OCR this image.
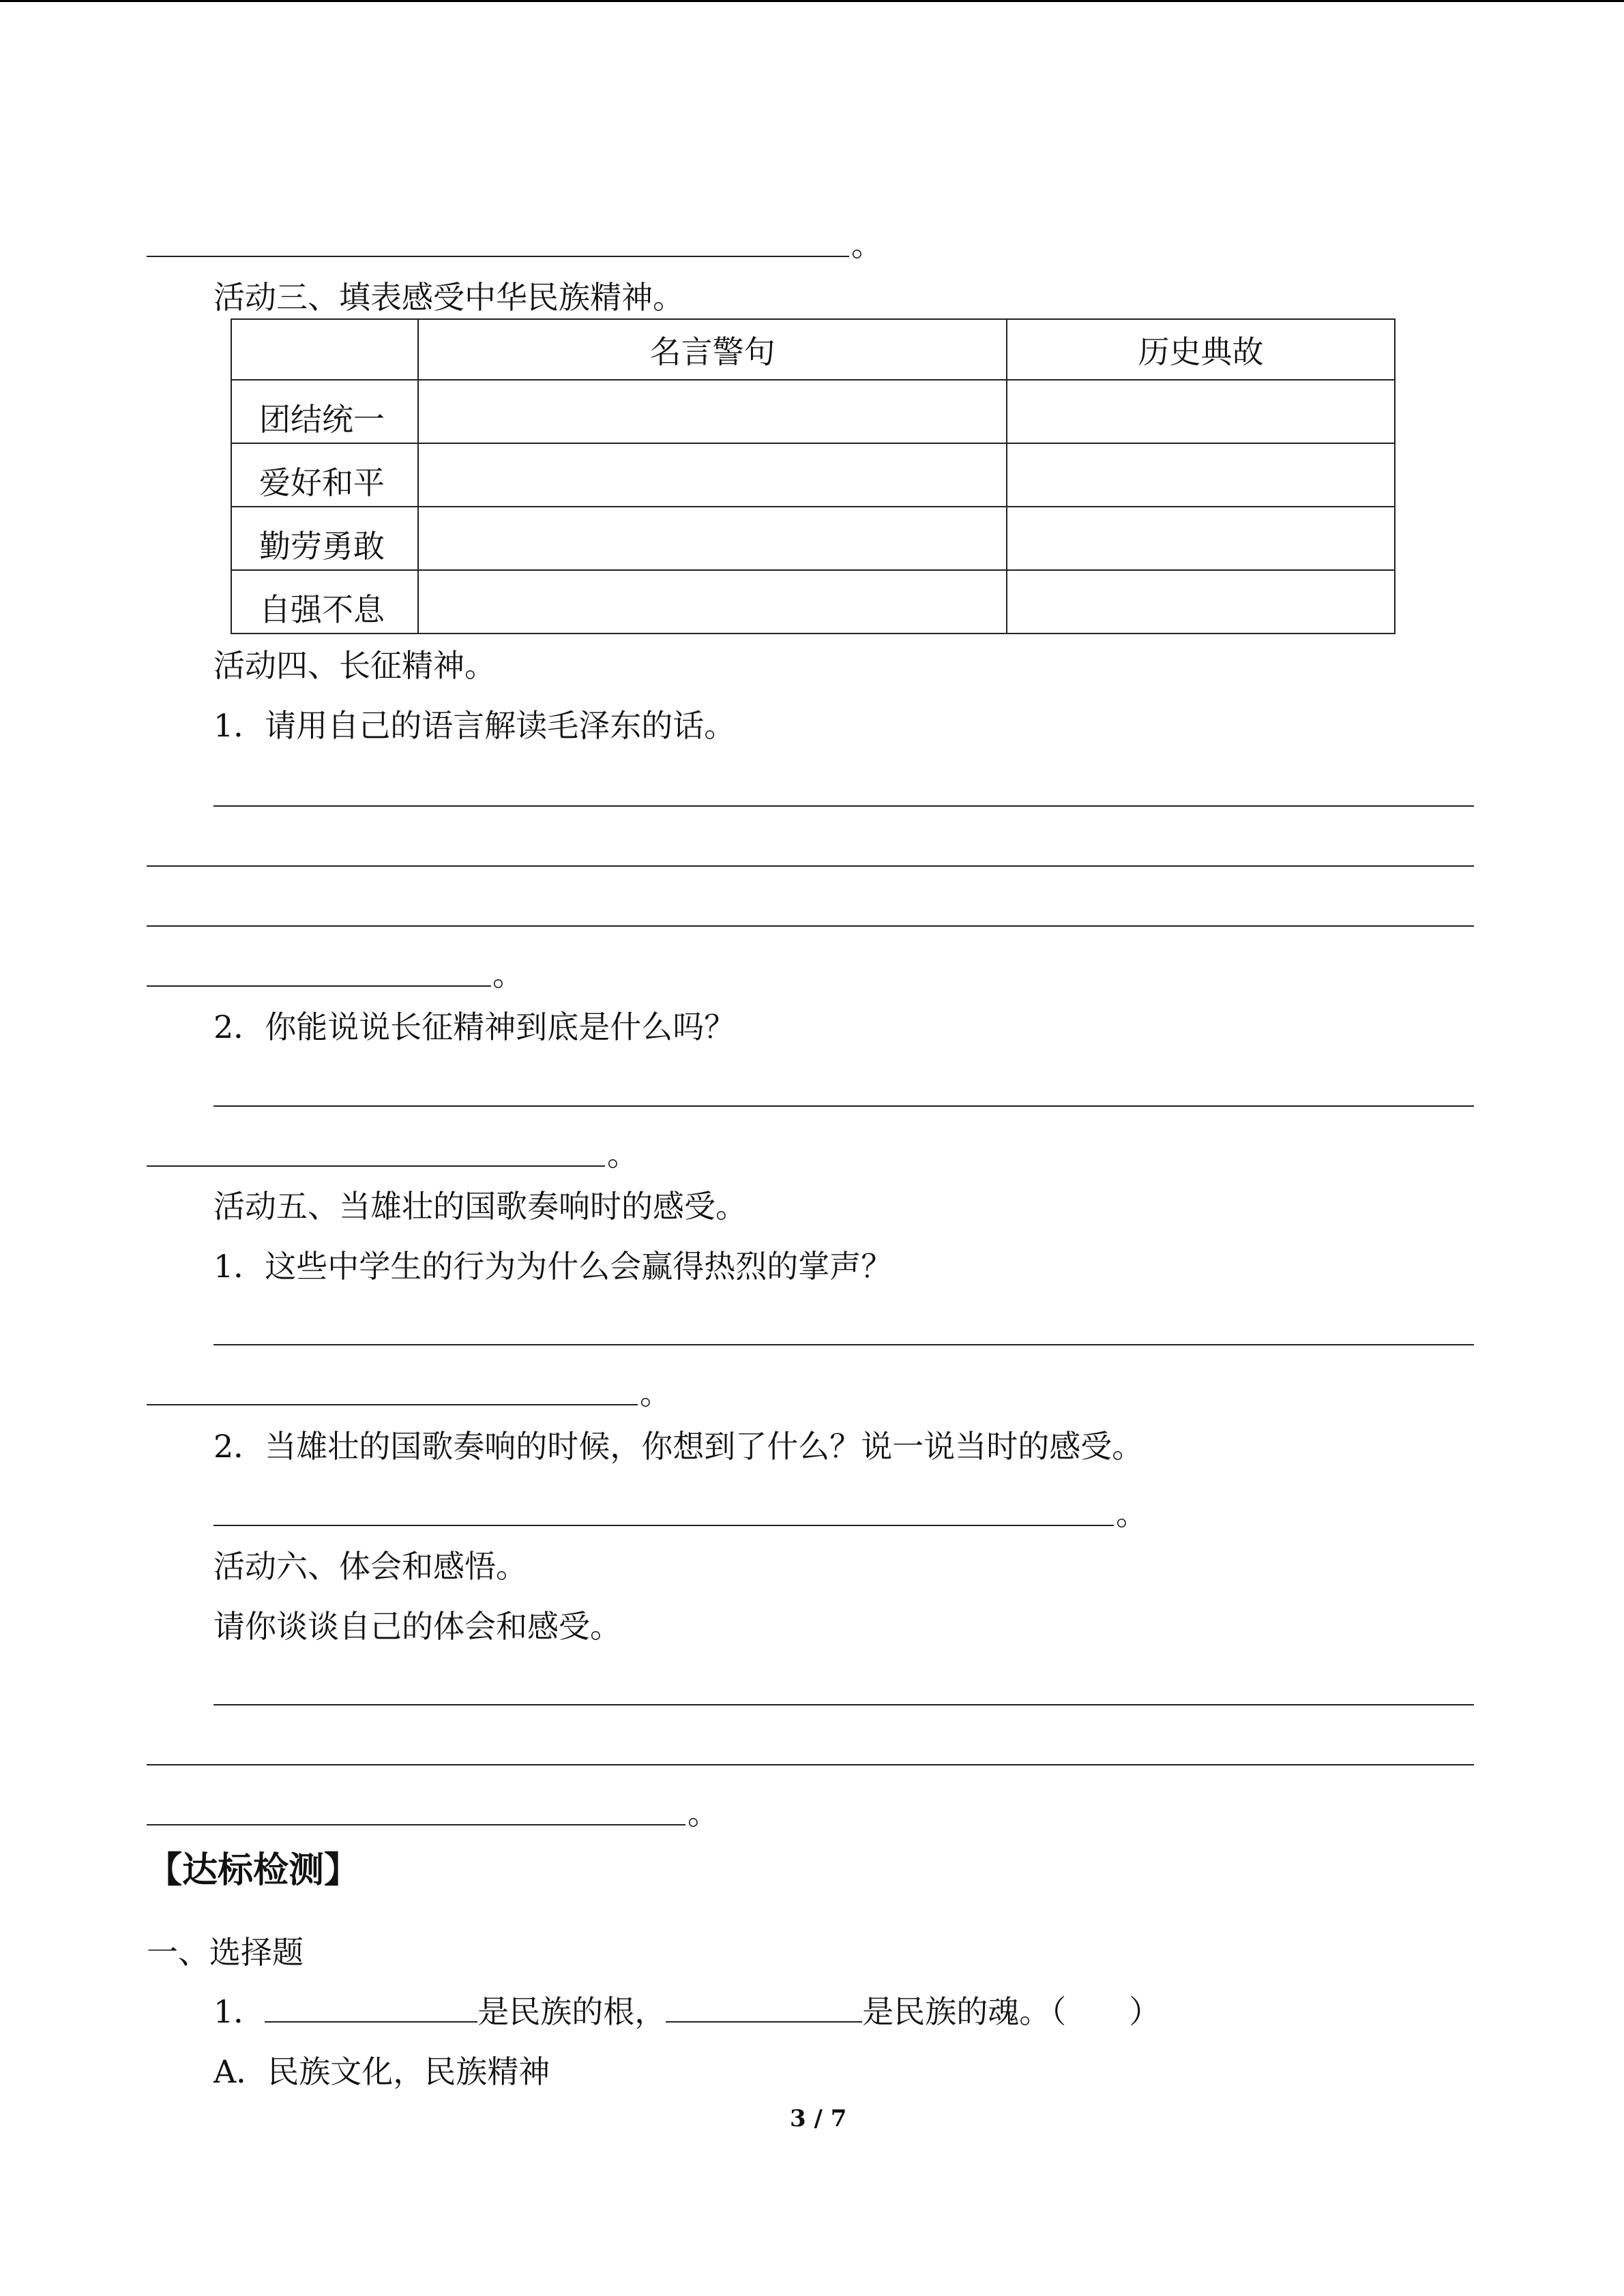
。
活动三、填表感受中华民族精神。
	名言警句	历史典故
团结统一		
爱好和平		
勤劳勇敢		
自强不息		
活动四、长征精神。
1．请用自己的语言解读毛泽东的话。
。
2．你能说说长征精神到底是什么吗？
。
活动五、当雄壮的国歌奏响时的感受。
1．这些中学生的行为为什么会赢得热烈的掌声？
。
2．当雄壮的国歌奏响的时候，你想到了什么？说一说当时的感受。
。
活动六、体会和感悟。
请你谈谈自己的体会和感受。
。
【达标检测】
一、选择题
1．	是民族的根，	是民族的魂。（　　）
A．民族文化，民族精神
3 / 7
